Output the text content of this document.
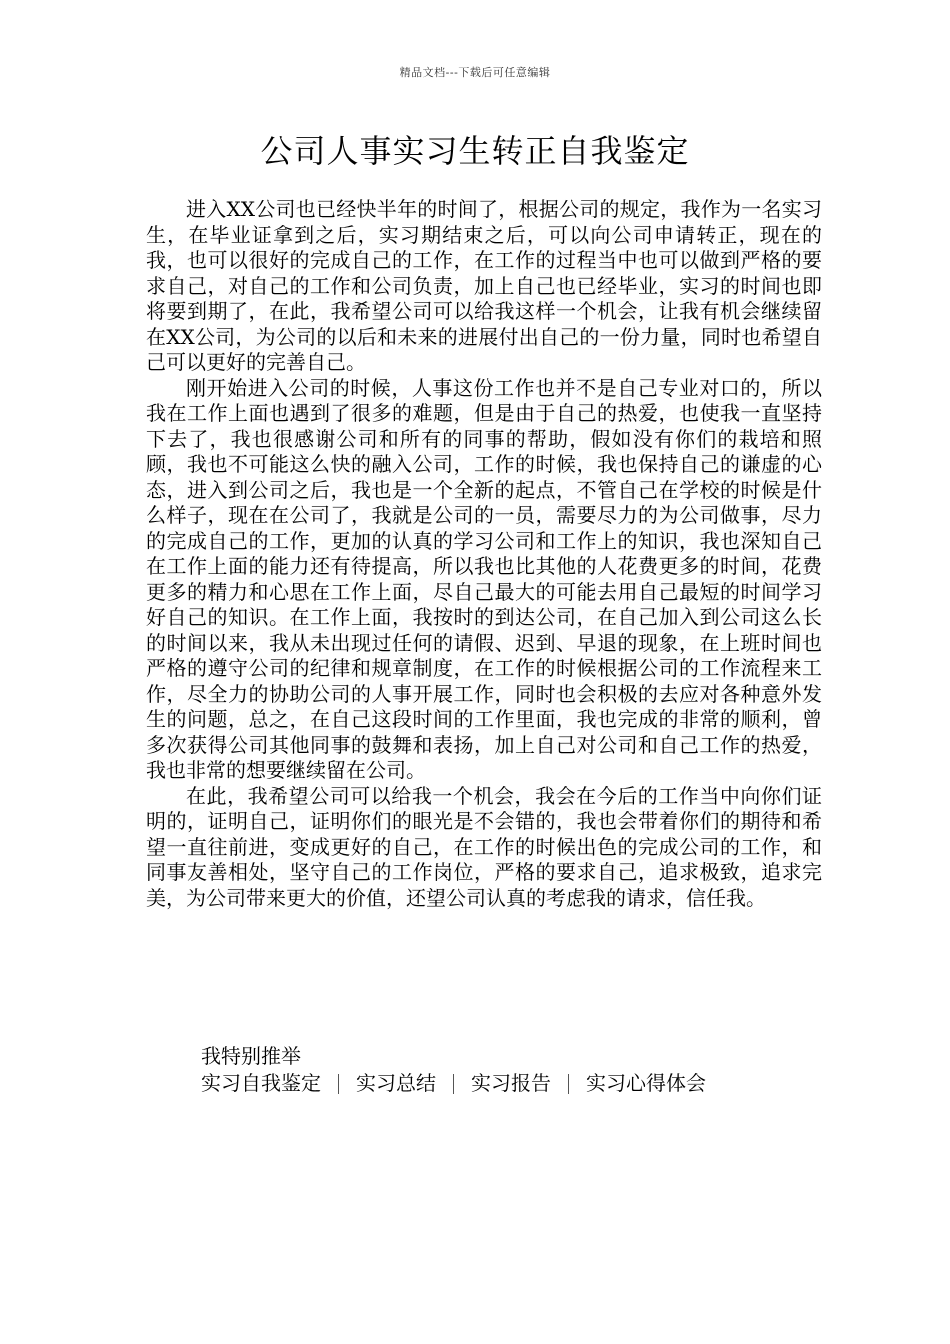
精品文档---下载后可任意编辑
公司人事实习生转正自我鉴定

进入XX公司也已经快半年的时间了，根据公司的规定，我作为一名实习生，在毕业证拿到之后，实习期结束之后，可以向公司申请转正，现在的我，也可以很好的完成自己的工作，在工作的过程当中也可以做到严格的要求自己，对自己的工作和公司负责，加上自己也已经毕业，实习的时间也即将要到期了，在此，我希望公司可以给我这样一个机会，让我有机会继续留在XX公司，为公司的以后和未来的进展付出自己的一份力量，同时也希望自己可以更好的完善自己。

刚开始进入公司的时候，人事这份工作也并不是自己专业对口的，所以我在工作上面也遇到了很多的难题，但是由于自己的热爱，也使我一直坚持下去了，我也很感谢公司和所有的同事的帮助，假如没有你们的栽培和照顾，我也不可能这么快的融入公司，工作的时候，我也保持自己的谦虚的心态，进入到公司之后，我也是一个全新的起点，不管自己在学校的时候是什么样子，现在在公司了，我就是公司的一员，需要尽力的为公司做事，尽力的完成自己的工作，更加的认真的学习公司和工作上的知识，我也深知自己在工作上面的能力还有待提高，所以我也比其他的人花费更多的时间，花费更多的精力和心思在工作上面，尽自己最大的可能去用自己最短的时间学习好自己的知识。在工作上面，我按时的到达公司，在自己加入到公司这么长的时间以来，我从未出现过任何的请假、迟到、早退的现象，在上班时间也严格的遵守公司的纪律和规章制度，在工作的时候根据公司的工作流程来工作，尽全力的协助公司的人事开展工作，同时也会积极的去应对各种意外发生的问题，总之，在自己这段时间的工作里面，我也完成的非常的顺利，曾多次获得公司其他同事的鼓舞和表扬，加上自己对公司和自己工作的热爱，我也非常的想要继续留在公司。

在此，我希望公司可以给我一个机会，我会在今后的工作当中向你们证明的，证明自己，证明你们的眼光是不会错的，我也会带着你们的期待和希望一直往前进，变成更好的自己，在工作的时候出色的完成公司的工作，和同事友善相处，坚守自己的工作岗位，严格的要求自己，追求极致，追求完美，为公司带来更大的价值，还望公司认真的考虑我的请求，信任我。

我特别推举
实习自我鉴定 实习总结 实习报告 实习心得体会
